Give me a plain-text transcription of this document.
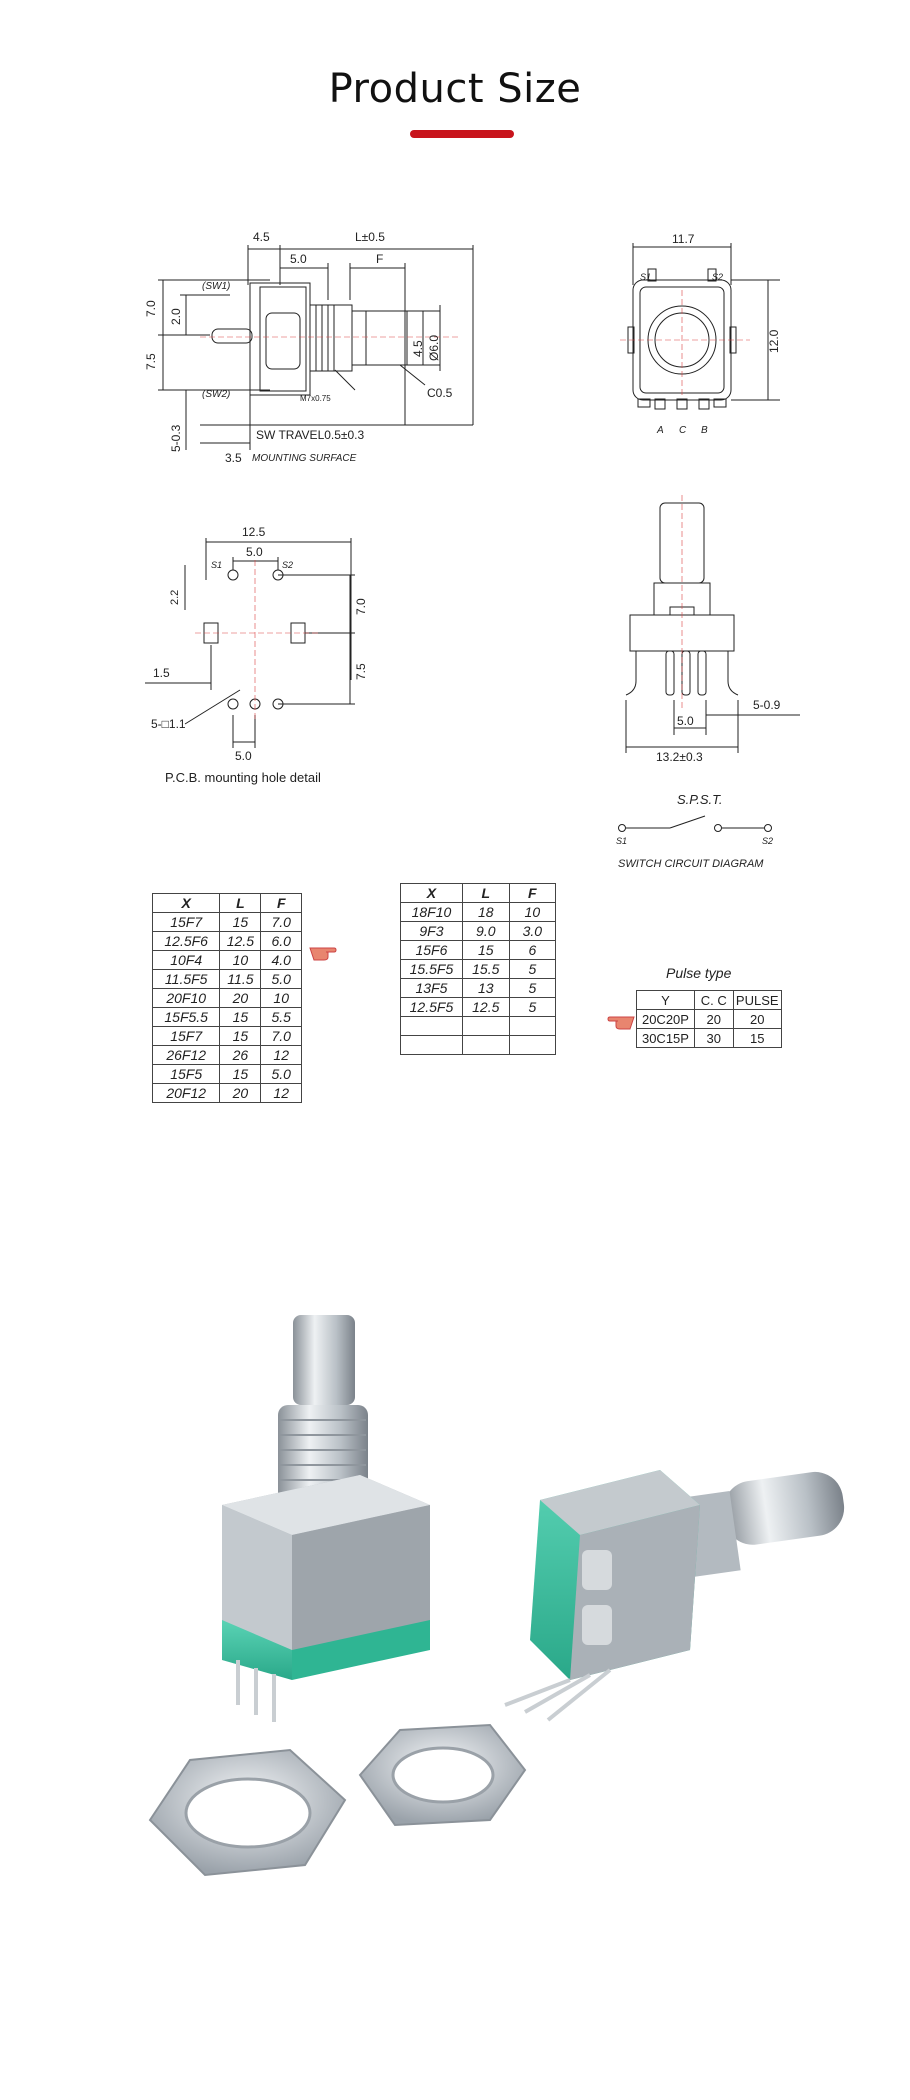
Product Size
4.5	L±0.5
5.0	F
7.0 2.0
7.5
5-0.3
3.5
4.5 Ø6.0
C0.5
M7x0.75
(SW1)
(SW2)
SW TRAVEL0.5±0.3
MOUNTING SURFACE
11.7
12.0
S1	S2
A C B
12.5
5.0
2.2
7.0
7.5
1.5
5-□1.1
5.0
S1	S2
P.C.B. mounting hole detail
5-0.9
5.0
13.2±0.3
S.P.S.T.
S1	S2
SWITCH CIRCUIT DIAGRAM
X	L	F
15F7	15	7.0
12.5F6	12.5	6.0
10F4	10	4.0
11.5F5	11.5	5.0
20F10	20	10
15F5.5	15	5.5
15F7	15	7.0
26F12	26	12
15F5	15	5.0
20F12	20	12
X	L	F
18F10	18	10
9F3	9.0	3.0
15F6	15	6
15.5F5	15.5	5
13F5	13	5
12.5F5	12.5	5

Pulse type
Y	C. C	PULSE
20C20P	20	20
30C15P	30	15
